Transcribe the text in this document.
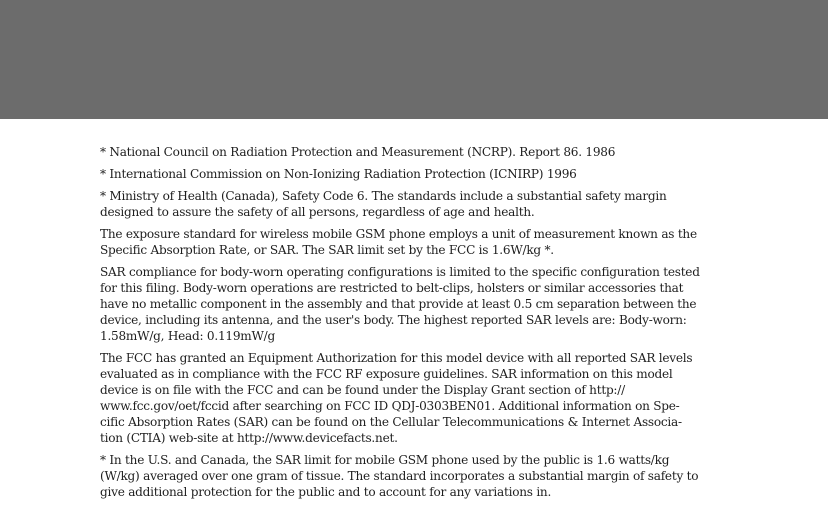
* National Council on Radiation Protection and Measurement (NCRP). Report 86. 1986
* International Commission on Non-Ionizing Radiation Protection (ICNIRP) 1996
* Ministry of Health (Canada), Safety Code 6. The standards include a substantial safety margin
designed to assure the safety of all persons, regardless of age and health.
The exposure standard for wireless mobile GSM phone employs a unit of measurement known as the
Specific Absorption Rate, or SAR. The SAR limit set by the FCC is 1.6W/kg *.
SAR compliance for body-worn operating configurations is limited to the specific configuration tested
for this filing. Body-worn operations are restricted to belt-clips, holsters or similar accessories that
have no metallic component in the assembly and that provide at least 0.5 cm separation between the
device, including its antenna, and the user's body. The highest reported SAR levels are: Body-worn:
1.58mW/g, Head: 0.119mW/g
The FCC has granted an Equipment Authorization for this model device with all reported SAR levels
evaluated as in compliance with the FCC RF exposure guidelines. SAR information on this model
device is on file with the FCC and can be found under the Display Grant section of http://
www.fcc.gov/oet/fccid after searching on FCC ID QDJ-0303BEN01. Additional information on Spe-
cific Absorption Rates (SAR) can be found on the Cellular Telecommunications & Internet Associa-
tion (CTIA) web-site at http://www.devicefacts.net.
* In the U.S. and Canada, the SAR limit for mobile GSM phone used by the public is 1.6 watts/kg
(W/kg) averaged over one gram of tissue. The standard incorporates a substantial margin of safety to
give additional protection for the public and to account for any variations in.
